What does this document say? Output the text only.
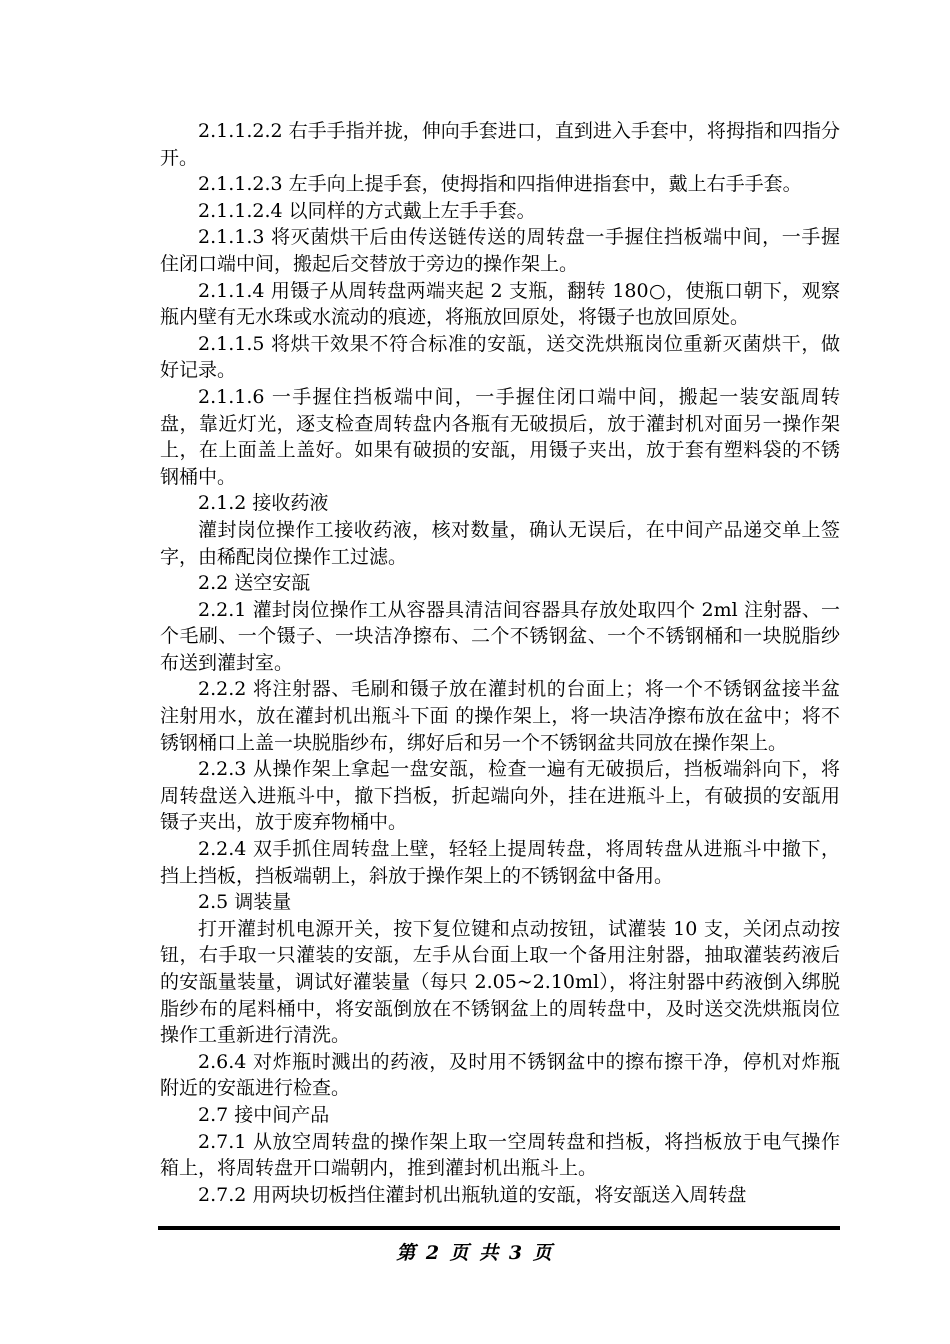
2.1.1.2.2 右手手指并拢，伸向手套进口，直到进入手套中，将拇指和四指分开。

2.1.1.2.3 左手向上提手套，使拇指和四指伸进指套中，戴上右手手套。

2.1.1.2.4 以同样的方式戴上左手手套。

2.1.1.3 将灭菌烘干后由传送链传送的周转盘一手握住挡板端中间，一手握住闭口端中间，搬起后交替放于旁边的操作架上。

2.1.1.4 用镊子从周转盘两端夹起 2 支瓶，翻转 180○，使瓶口朝下，观察瓶内壁有无水珠或水流动的痕迹，将瓶放回原处，将镊子也放回原处。

2.1.1.5 将烘干效果不符合标准的安瓿，送交洗烘瓶岗位重新灭菌烘干，做好记录。

2.1.1.6 一手握住挡板端中间，一手握住闭口端中间，搬起一装安瓿周转盘，靠近灯光，逐支检查周转盘内各瓶有无破损后，放于灌封机对面另一操作架上，在上面盖上盖好。如果有破损的安瓿，用镊子夹出，放于套有塑料袋的不锈钢桶中。

2.1.2 接收药液

灌封岗位操作工接收药液，核对数量，确认无误后，在中间产品递交单上签字，由稀配岗位操作工过滤。

2.2 送空安瓿

2.2.1 灌封岗位操作工从容器具清洁间容器具存放处取四个 2ml 注射器、一个毛刷、一个镊子、一块洁净擦布、二个不锈钢盆、一个不锈钢桶和一块脱脂纱布送到灌封室。

2.2.2 将注射器、毛刷和镊子放在灌封机的台面上；将一个不锈钢盆接半盆注射用水，放在灌封机出瓶斗下面 的操作架上，将一块洁净擦布放在盆中；将不锈钢桶口上盖一块脱脂纱布，绑好后和另一个不锈钢盆共同放在操作架上。

2.2.3 从操作架上拿起一盘安瓿，检查一遍有无破损后，挡板端斜向下，将周转盘送入进瓶斗中，撤下挡板，折起端向外，挂在进瓶斗上，有破损的安瓿用镊子夹出，放于废弃物桶中。

2.2.4 双手抓住周转盘上壁，轻轻上提周转盘，将周转盘从进瓶斗中撤下，挡上挡板，挡板端朝上，斜放于操作架上的不锈钢盆中备用。

2.5 调装量

打开灌封机电源开关，按下复位键和点动按钮，试灌装 10 支，关闭点动按钮，右手取一只灌装的安瓿，左手从台面上取一个备用注射器，抽取灌装药液后的安瓿量装量，调试好灌装量（每只 2.05~2.10ml），将注射器中药液倒入绑脱脂纱布的尾料桶中，将安瓿倒放在不锈钢盆上的周转盘中，及时送交洗烘瓶岗位操作工重新进行清洗。

2.6.4 对炸瓶时溅出的药液，及时用不锈钢盆中的擦布擦干净，停机对炸瓶附近的安瓿进行检查。

2.7 接中间产品

2.7.1 从放空周转盘的操作架上取一空周转盘和挡板，将挡板放于电气操作箱上，将周转盘开口端朝内，推到灌封机出瓶斗上。

2.7.2 用两块切板挡住灌封机出瓶轨道的安瓿，将安瓿送入周转盘

第 2 页 共 3 页
